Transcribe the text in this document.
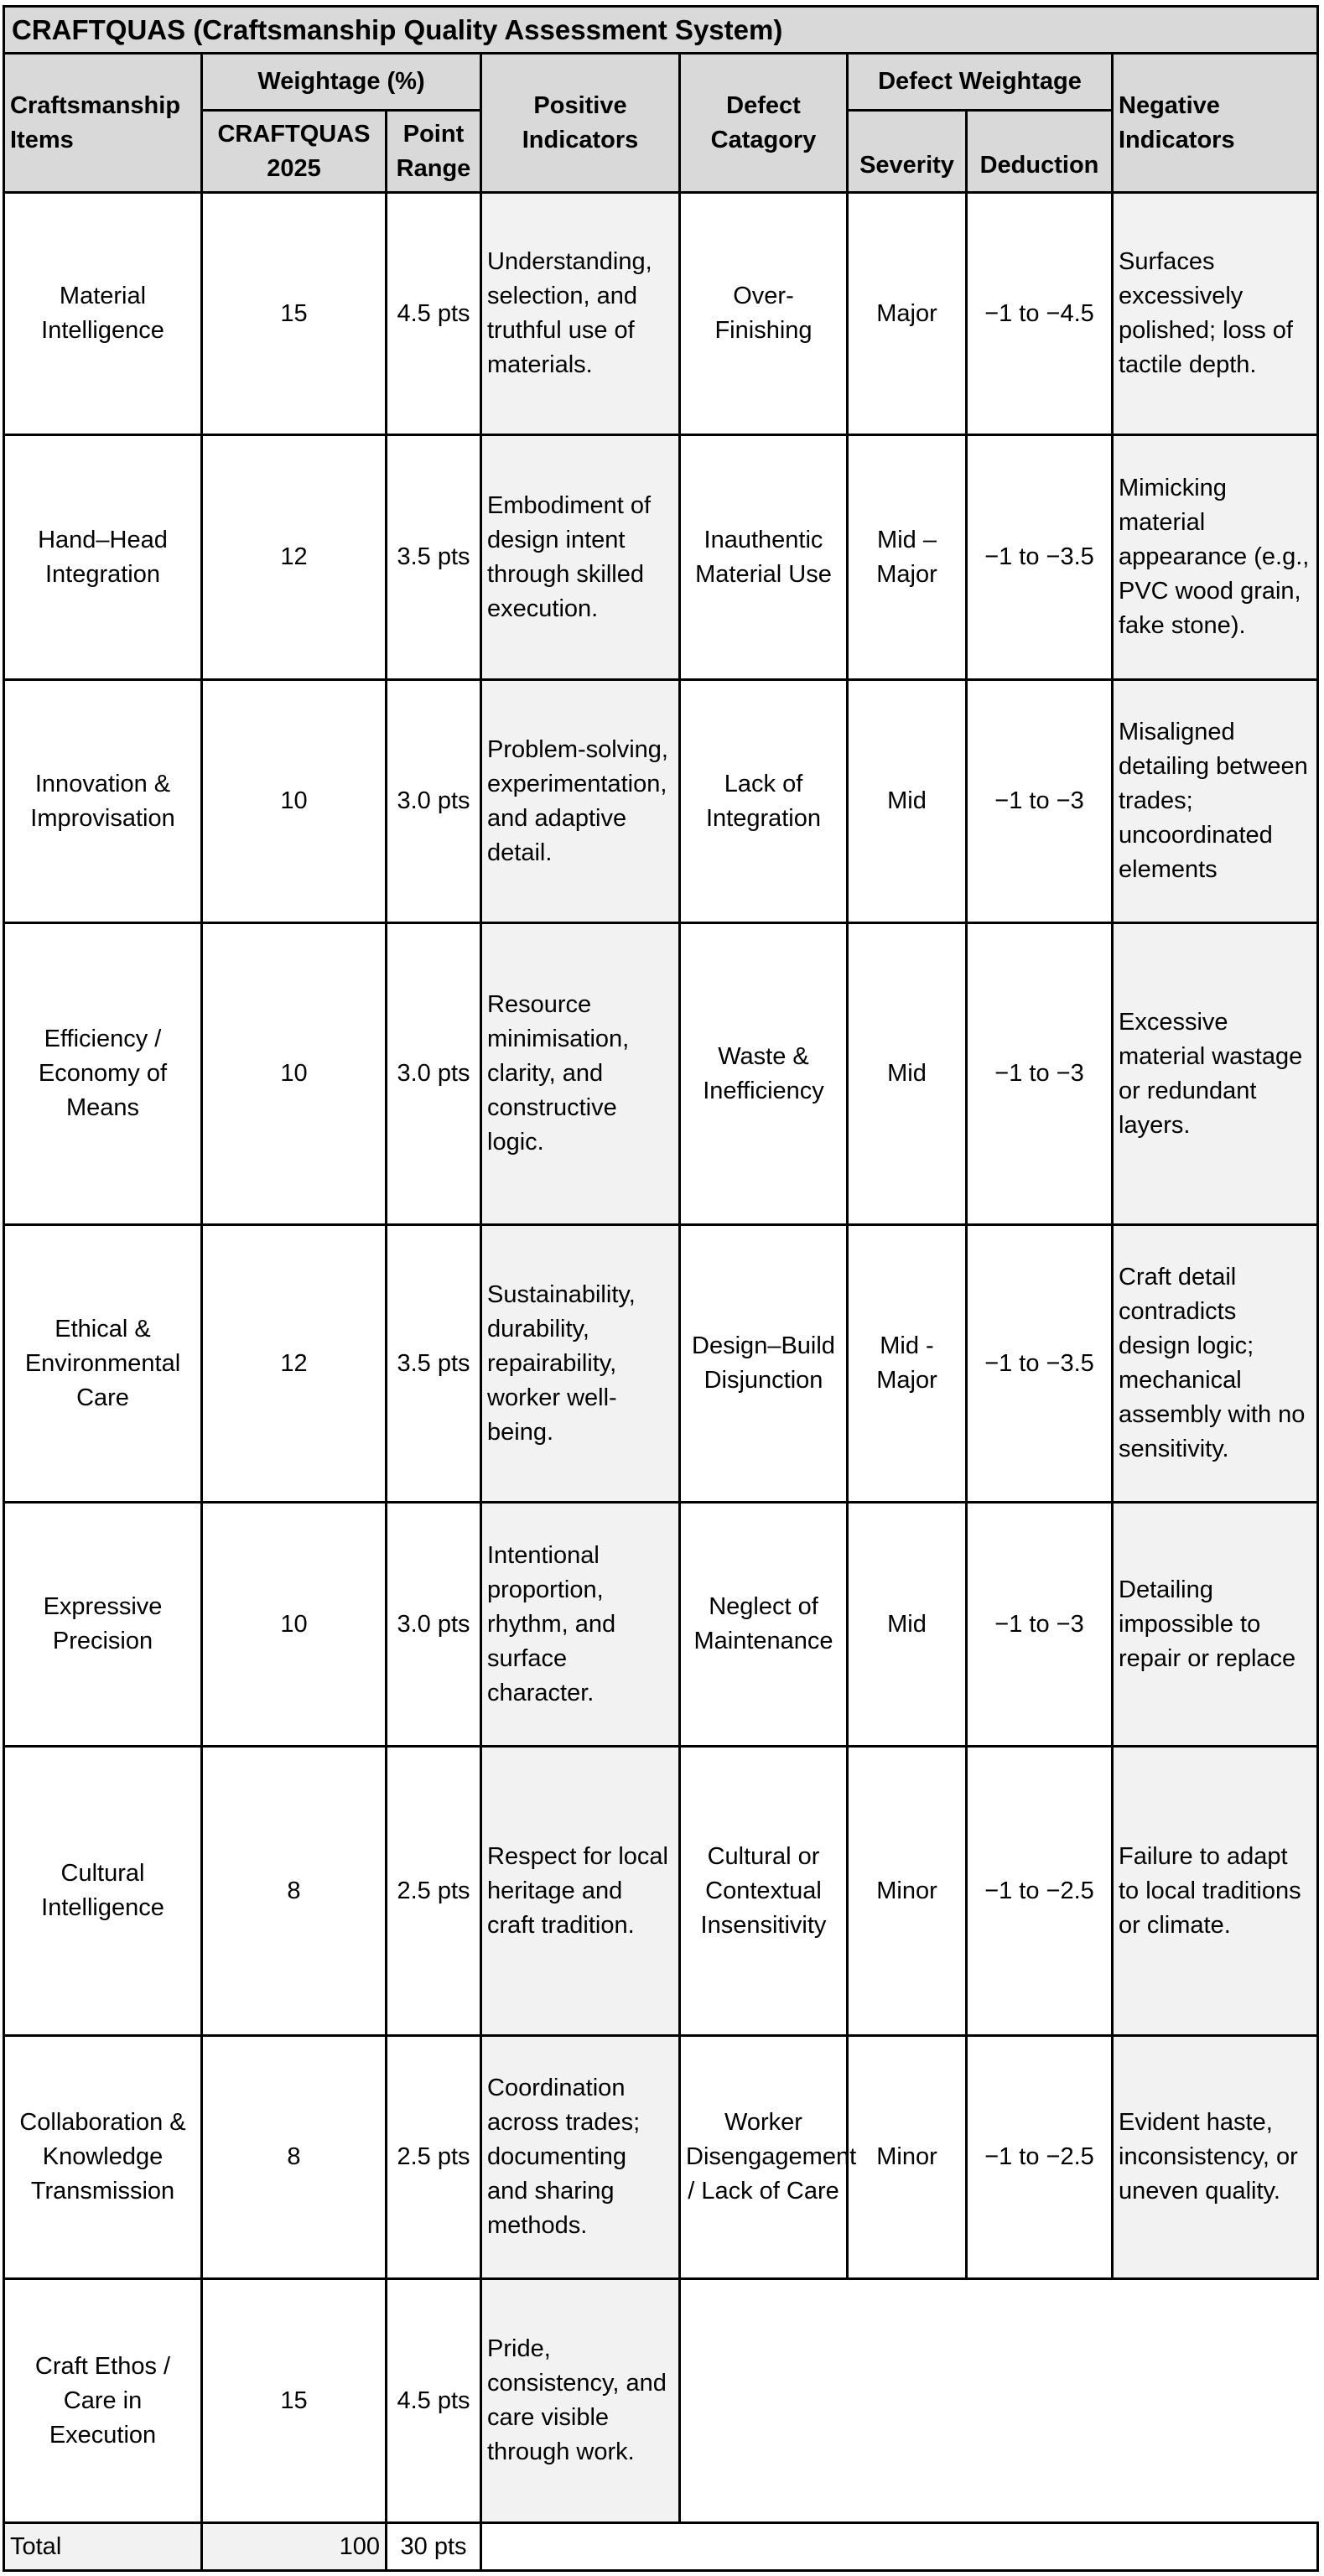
CRAFTQUAS (Craftsmanship Quality Assessment System)							
Craftsmanship Items	Weightage (%)		Positive Indicators	Defect Catagory	Defect Weightage		Negative Indicators
	CRAFTQUAS 2025	Point Range			Severity	Deduction	
Material Intelligence	15	4.5 pts	Understanding, selection, and truthful use of materials.	Over-Finishing	Major	−1 to −4.5	Surfaces excessively polished; loss of tactile depth.
Hand–Head Integration	12	3.5 pts	Embodiment of design intent through skilled execution.	Inauthentic Material Use	Mid – Major	−1 to −3.5	Mimicking material appearance (e.g., PVC wood grain, fake stone).
Innovation & Improvisation	10	3.0 pts	Problem-solving, experimentation, and adaptive detail.	Lack of Integration	Mid	−1 to −3	Misaligned detailing between trades; uncoordinated elements
Efficiency / Economy of Means	10	3.0 pts	Resource minimisation, clarity, and constructive logic.	Waste & Inefficiency	Mid	−1 to −3	Excessive material wastage or redundant layers.
Ethical & Environmental Care	12	3.5 pts	Sustainability, durability, repairability, worker well-being.	Design–Build Disjunction	Mid - Major	−1 to −3.5	Craft detail contradicts design logic; mechanical assembly with no sensitivity.
Expressive Precision	10	3.0 pts	Intentional proportion, rhythm, and surface character.	Neglect of Maintenance	Mid	−1 to −3	Detailing impossible to repair or replace
Cultural Intelligence	8	2.5 pts	Respect for local heritage and craft tradition.	Cultural or Contextual Insensitivity	Minor	−1 to −2.5	Failure to adapt to local traditions or climate.
Collaboration & Knowledge Transmission	8	2.5 pts	Coordination across trades; documenting and sharing methods.	Worker Disengagement / Lack of Care	Minor	−1 to −2.5	Evident haste, inconsistency, or uneven quality.
Craft Ethos / Care in Execution	15	4.5 pts	Pride, consistency, and care visible through work.				
Total	100	30 pts					
